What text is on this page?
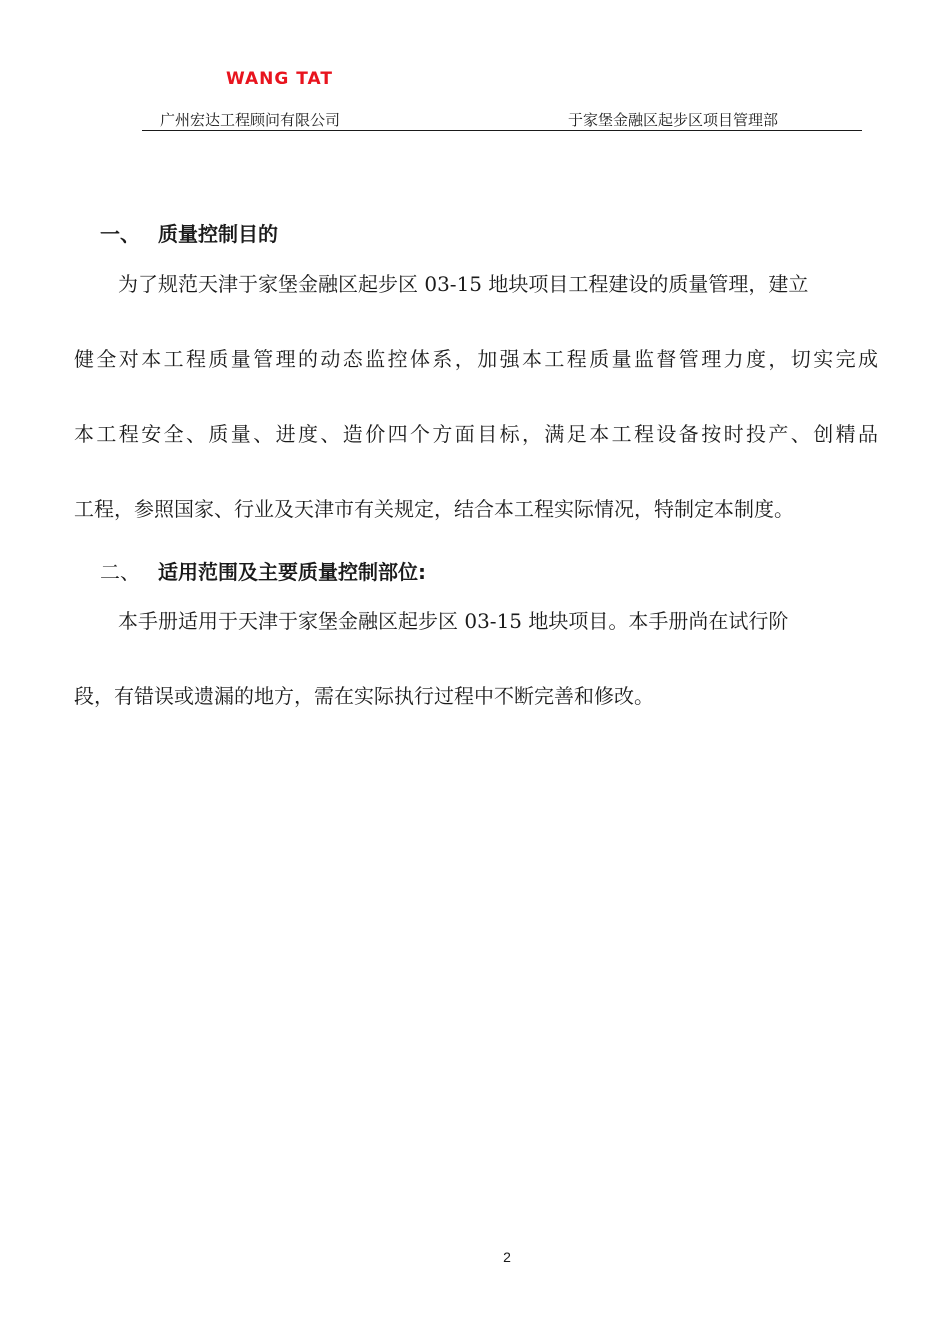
WANG TAT
广州宏达工程顾问有限公司	于家堡金融区起步区项目管理部
一、 质量控制目的
为了规范天津于家堡金融区起步区 03-15 地块项目工程建设的质量管理，建立
健全对本工程质量管理的动态监控体系，加强本工程质量监督管理力度，切实完成
本工程安全、质量、进度、造价四个方面目标，满足本工程设备按时投产、创精品
工程，参照国家、行业及天津市有关规定，结合本工程实际情况，特制定本制度。
二、 适用范围及主要质量控制部位:
本手册适用于天津于家堡金融区起步区 03-15 地块项目。本手册尚在试行阶
段，有错误或遗漏的地方，需在实际执行过程中不断完善和修改。
2
